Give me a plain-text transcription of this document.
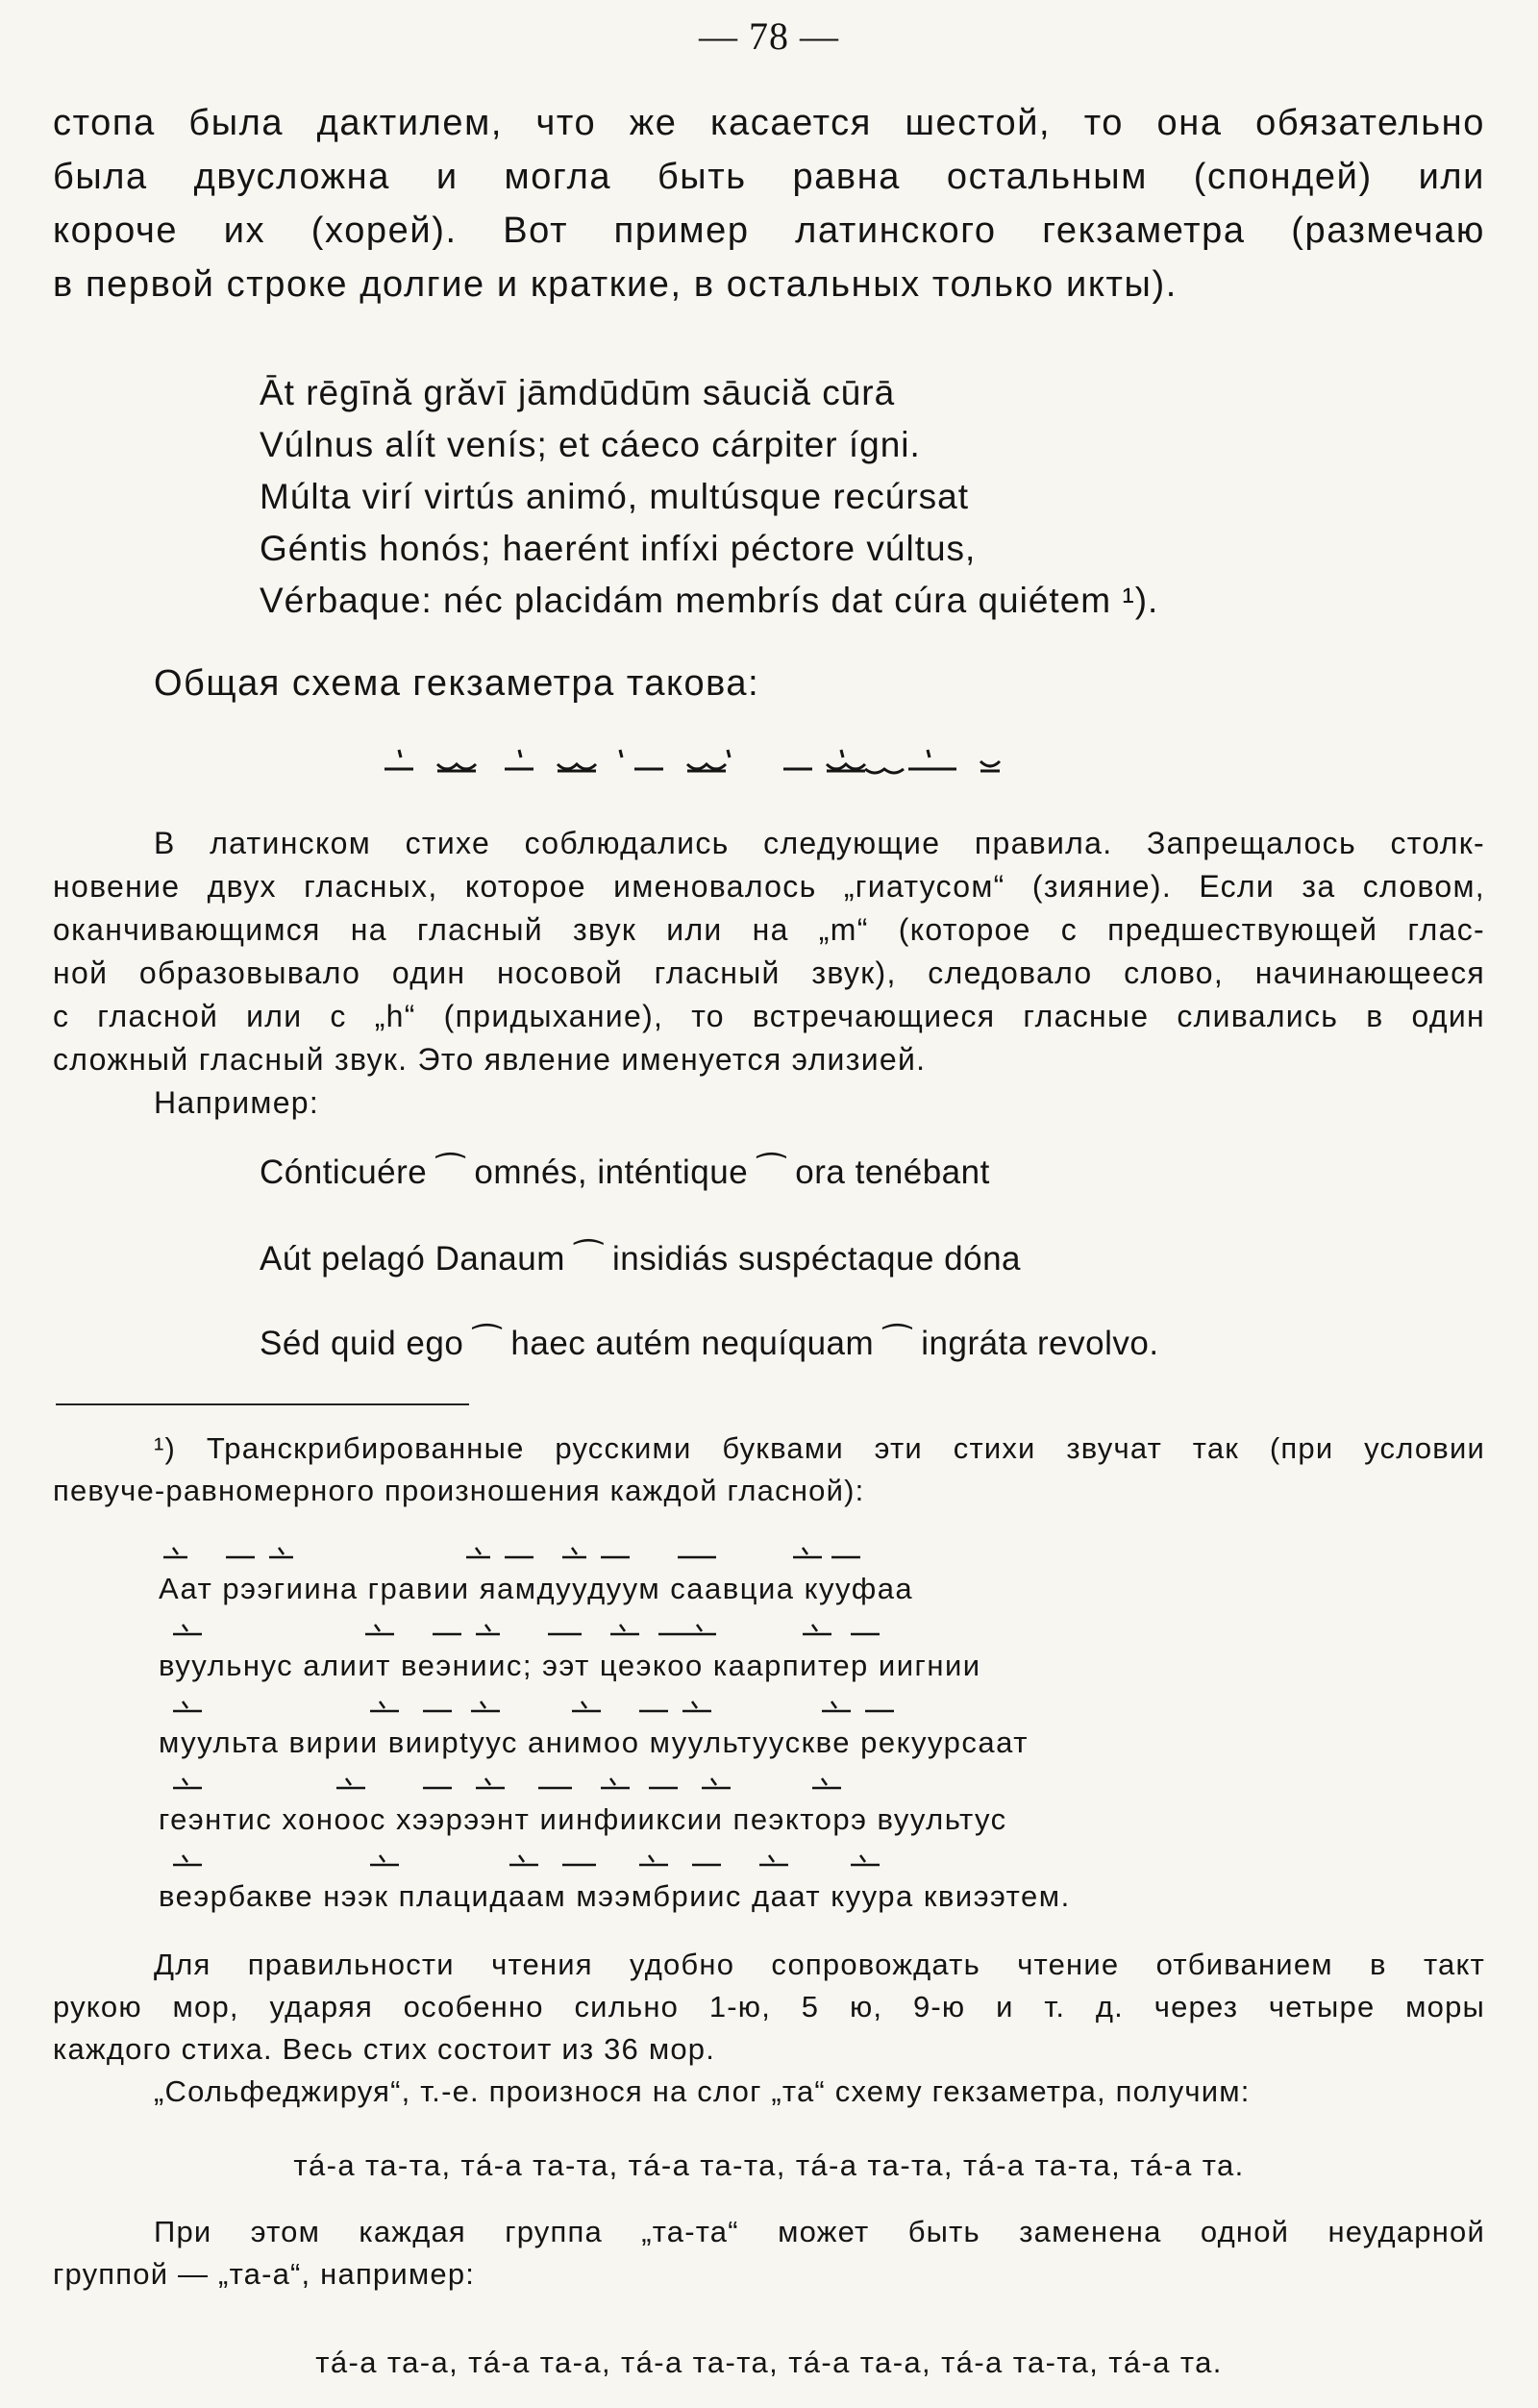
— 78 —
стопа была дактилем, что же касается шестой, то она обязательно
была двусложна и могла быть равна остальным (спондей) или
короче их (хорей). Вот пример латинского гекзаметра (размечаю
в первой строке долгие и краткие, в остальных только икты).
Āt rēgīnă grăvī jāmdūdūm sāuciă cūrā
Vúlnus alít venís; et cáeco cárpiter ígni.
Múlta virí virtús animó, multúsque recúrsat
Géntis honós; haerént infíxi péctore vúltus,
Vérbaque: néc placidám membrís dat cúra quiétem ¹).
Общая схема гекзаметра такова:
В латинском стихе соблюдались следующие правила. Запрещалось столк-
новение двух гласных, которое именовалось „гиатусом“ (зияние). Если за словом,
оканчивающимся на гласный звук или на „m“ (которое с предшествующей глас-
ной образовывало один носовой гласный звук), следовало слово, начинающееся
с гласной или с „h“ (придыхание), то встречающиеся гласные сливались в один
сложный гласный звук. Это явление именуется элизией.
Например:
Cónticuére ⁀ omnés, inténtique ⁀ ora tenébant
Aút pelagó Danaum ⁀ insidiás suspéctaque dóna
Séd quid ego ⁀ haec autém nequíquam ⁀ ingráta revolvo.
¹) Транскрибированные русскими буквами эти стихи звучат так (при условии
певуче-равномерного произношения каждой гласной):
Аат рээгиина гравии яамдуудуум саавциа кууфаа
вуульнус алиит веэниис; ээт цеэкоо каарпитер иигнии
муульта вирии виирtуус анимоо муультуускве рекуурсаат
геэнтис хоноос хээрээнт иинфииксии пеэкторэ вуультус
веэрбакве нээк плацидаам мээмбриис даат куура квиээтем.
Для правильности чтения удобно сопровождать чтение отбиванием в такт
рукою мор, ударяя особенно сильно 1-ю, 5 ю, 9-ю и т. д. через четыре моры
каждого стиха. Весь стих состоит из 36 мор.
„Сольфеджируя“, т.-е. произнося на слог „та“ схему гекзаметра, получим:
тá-а та-та, тá-а та-та, тá-а та-та, тá-а та-та, тá-а та-та, тá-а та.
При этом каждая группа „та-та“ может быть заменена одной неударной
группой — „та-а“, например:
тá-а та-а, тá-а та-а, тá-а та-та, тá-а та-а, тá-а та-та, тá-а та.
